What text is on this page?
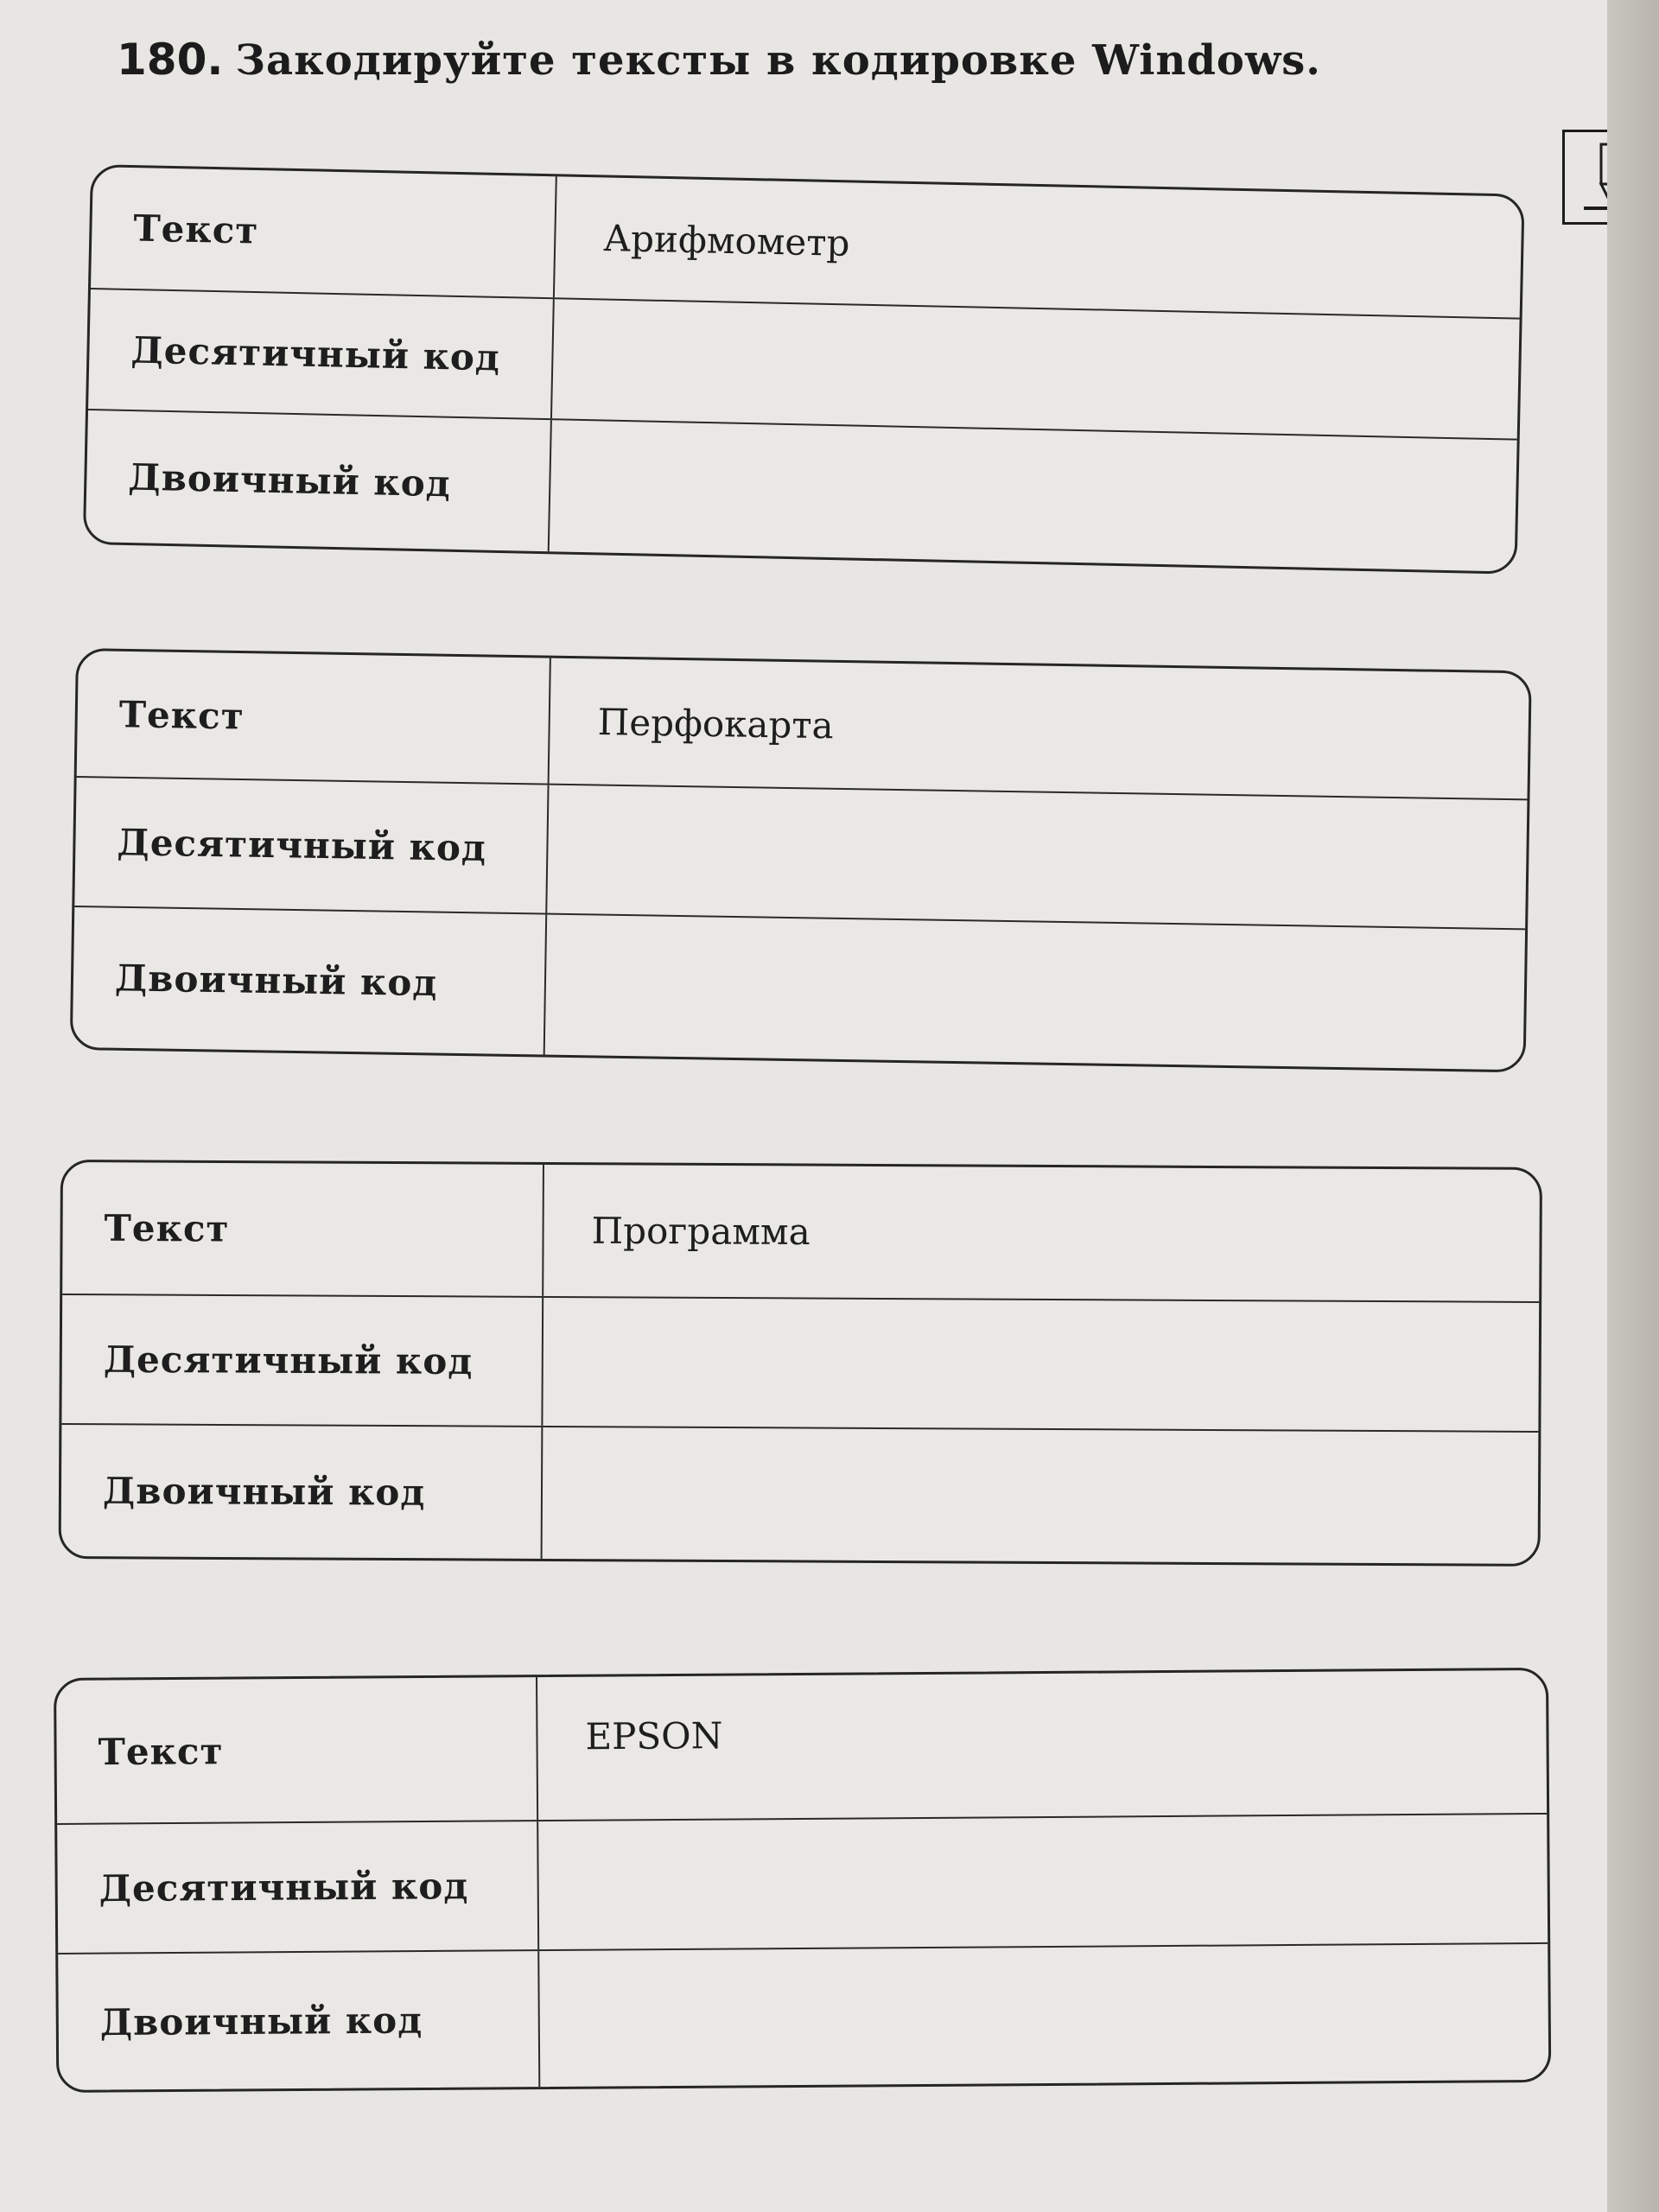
180. Закодируйте тексты в кодировке Windows.
Текст	Арифмометр
Десятичный код
Двоичный код
Текст	Перфокарта
Десятичный код
Двоичный код
Текст	Программа
Десятичный код
Двоичный код
Текст	EPSON
Десятичный код
Двоичный код
